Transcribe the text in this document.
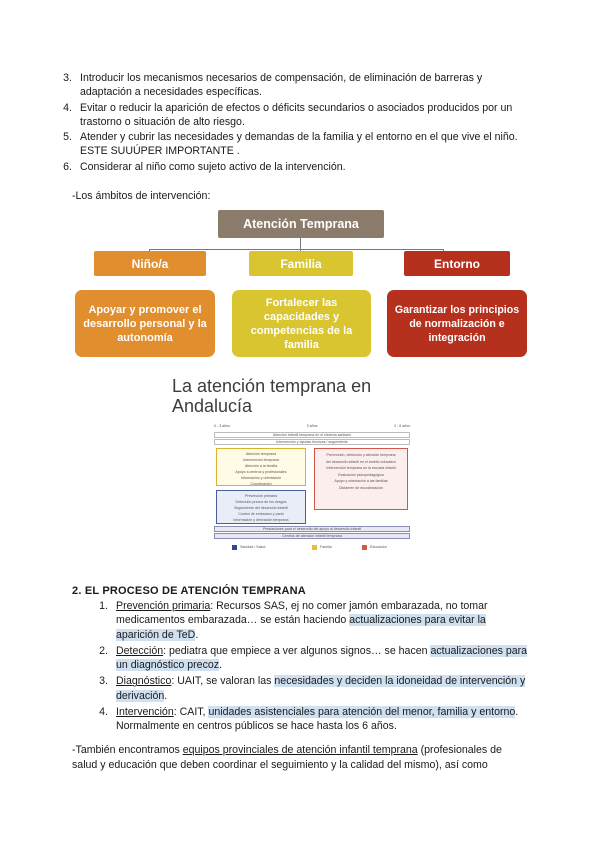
3. Introducir los mecanismos necesarios de compensación, de eliminación de barreras y adaptación a necesidades específicas.
4. Evitar o reducir la aparición de efectos o déficits secundarios o asociados producidos por un trastorno o situación de alto riesgo.
5. Atender y cubrir las necesidades y demandas de la familia y el entorno en el que vive el niño. ESTE SUUÚPER IMPORTANTE .
6. Considerar al niño como sujeto activo de la intervención.
-Los ámbitos de intervención:
Atención Temprana
Niño/a	Familia	Entorno
Apoyar y promover el desarrollo personal y la autonomía
Fortalecer las capacidades y competencias de la familia
Garantizar los principios de normalización e integración
La atención temprana en
Andalucía
0 - 3 años	3 años	3 - 6 años
Atención infantil temprana en el sistema sanitario
Intervención y ayudas técnicas / seguimiento
Atención temprana
Intervención temprana
Atención a la familia
Apoyo a centros y profesionales
Información y orientación
Coordinación
Prevención, detección y atención temprana
del desarrollo infantil en el ámbito educativo
Intervención temprana en la escuela infantil
Evaluación psicopedagógica
Apoyo y orientación a las familias
Dictamen de escolarización
Prevención primaria
Detección precoz de los riesgos
Seguimiento del desarrollo infantil
Control de embarazo y parto
Información y derivación temprana
Prestaciones para el desarrollo del apoyo al desarrollo infantil
Centros de atención infantil temprana
Sanidad / Salud	Familia	Educación
2. EL PROCESO DE ATENCIÓN TEMPRANA
1. Prevención primaria: Recursos SAS, ej no comer jamón embarazada, no tomar medicamentos embarazada… se están haciendo actualizaciones para evitar la aparición de TeD.
2. Detección: pediatra que empiece a ver algunos signos… se hacen actualizaciones para un diagnóstico precoz.
3. Diagnóstico: UAIT, se valoran las necesidades y deciden la idoneidad de intervención y derivación.
4. Intervención: CAIT, unidades asistenciales para atención del menor, familia y entorno. Normalmente en centros públicos se hace hasta los 6 años.
-También encontramos equipos provinciales de atención infantil temprana (profesionales de salud y educación que deben coordinar el seguimiento y la calidad del mismo), así como
